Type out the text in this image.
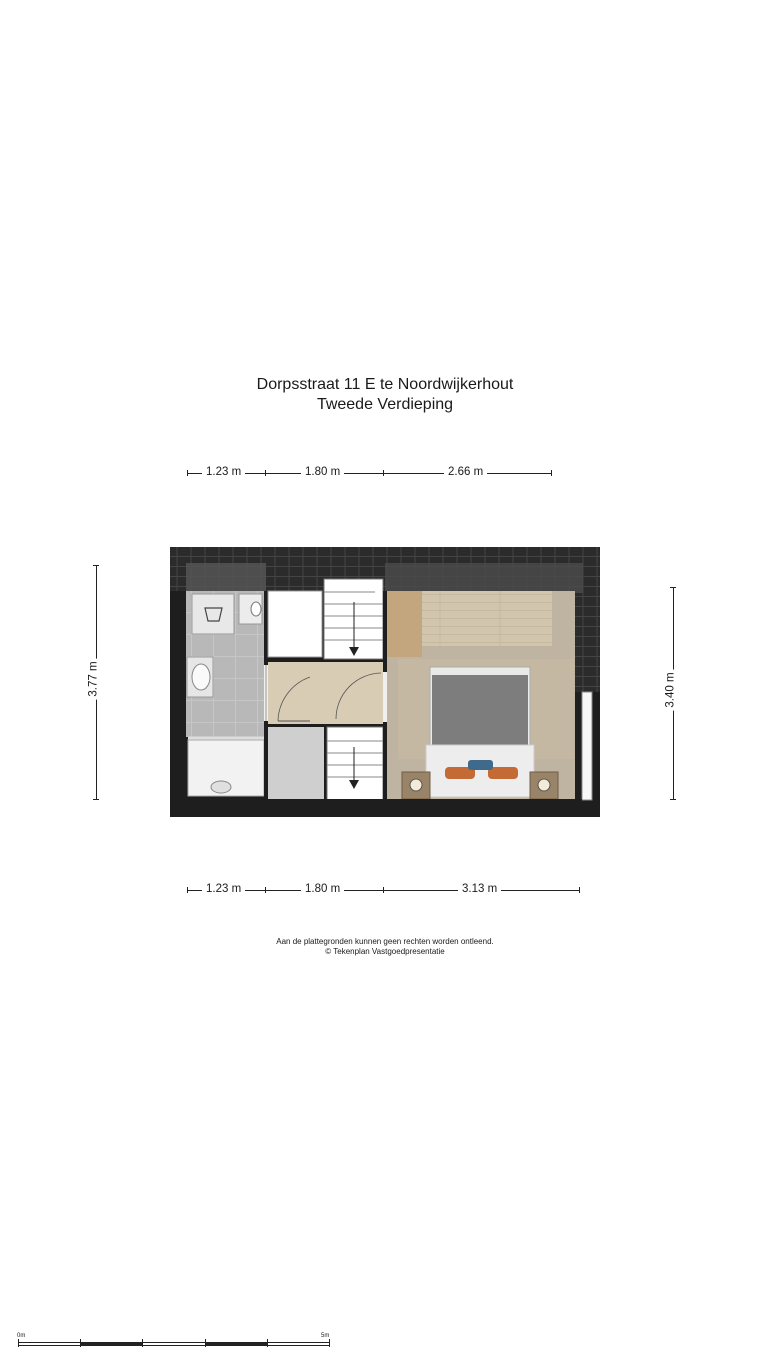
Dorpsstraat 11 E te Noordwijkerhout
Tweede Verdieping
1.23 m	1.80 m	2.66 m
3.77 m	3.40 m
1.23 m	1.80 m	3.13 m
Aan de plattegronden kunnen geen rechten worden ontleend.
© Tekenplan Vastgoedpresentatie
0m	5m
